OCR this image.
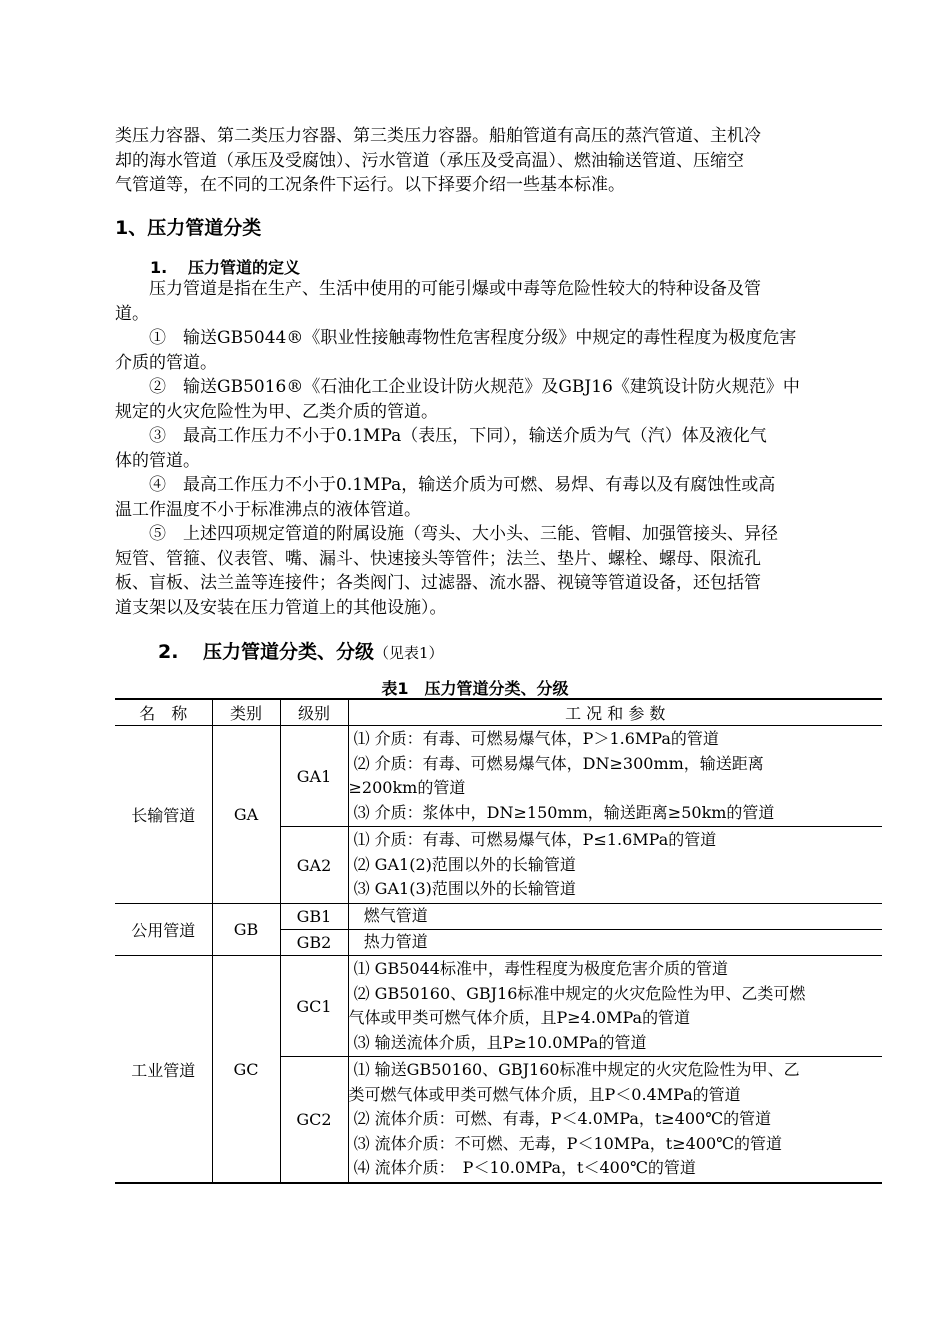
类压力容器、第二类压力容器、第三类压力容器。船舶管道有高压的蒸汽管道、主机冷
却的海水管道（承压及受腐蚀）、污水管道（承压及受高温）、燃油输送管道、压缩空
气管道等，在不同的工况条件下运行。以下择要介绍一些基本标准。
1、压力管道分类
1. 压力管道的定义
压力管道是指在生产、生活中使用的可能引爆或中毒等危险性较大的特种设备及管
道。
①　输送GB5044®《职业性接触毒物性危害程度分级》中规定的毒性程度为极度危害
介质的管道。
②　输送GB5016®《石油化工企业设计防火规范》及GBJ16《建筑设计防火规范》中
规定的火灾危险性为甲、乙类介质的管道。
③　最高工作压力不小于0.1MPa（表压，下同），输送介质为气（汽）体及液化气
体的管道。
④　最高工作压力不小于0.1MPa，输送介质为可燃、易焊、有毒以及有腐蚀性或高
温工作温度不小于标准沸点的液体管道。
⑤　上述四项规定管道的附属设施（弯头、大小头、三能、管帽、加强管接头、异径
短管、管箍、仪表管、嘴、漏斗、快速接头等管件；法兰、垫片、螺栓、螺母、限流孔
板、盲板、法兰盖等连接件；各类阀门、过滤器、流水器、视镜等管道设备，还包括管
道支架以及安装在压力管道上的其他设施）。
2. 压力管道分类、分级（见表1）

表1　压力管道分类、分级

名　称	类别	级别	工 况 和 参 数
长输管道	GA	GA1	⑴ 介质：有毒、可燃易爆气体，P＞1.6MPa的管道
⑵ 介质：有毒、可燃易爆气体，DN≥300mm，输送距离
≥200km的管道
⑶ 介质：浆体中，DN≥150mm，输送距离≥50km的管道

		GA2	⑴ 介质：有毒、可燃易爆气体，P≤1.6MPa的管道
⑵ GA1(2)范围以外的长输管道
⑶ GA1(3)范围以外的长输管道

公用管道	GB	GB1	燃气管道

		GB2	热力管道

工业管道	GC	GC1	⑴ GB5044标准中，毒性程度为极度危害介质的管道
⑵ GB50160、GBJ16标准中规定的火灾危险性为甲、乙类可燃
气体或甲类可燃气体介质，且P≥4.0MPa的管道
⑶ 输送流体介质，且P≥10.0MPa的管道

		GC2	⑴ 输送GB50160、GBJ160标准中规定的火灾危险性为甲、乙
类可燃气体或甲类可燃气体介质，且P＜0.4MPa的管道
⑵ 流体介质：可燃、有毒，P＜4.0MPa，t≥400℃的管道
⑶ 流体介质：不可燃、无毒，P＜10MPa，t≥400℃的管道
⑷ 流体介质：　P＜10.0MPa，t＜400℃的管道
